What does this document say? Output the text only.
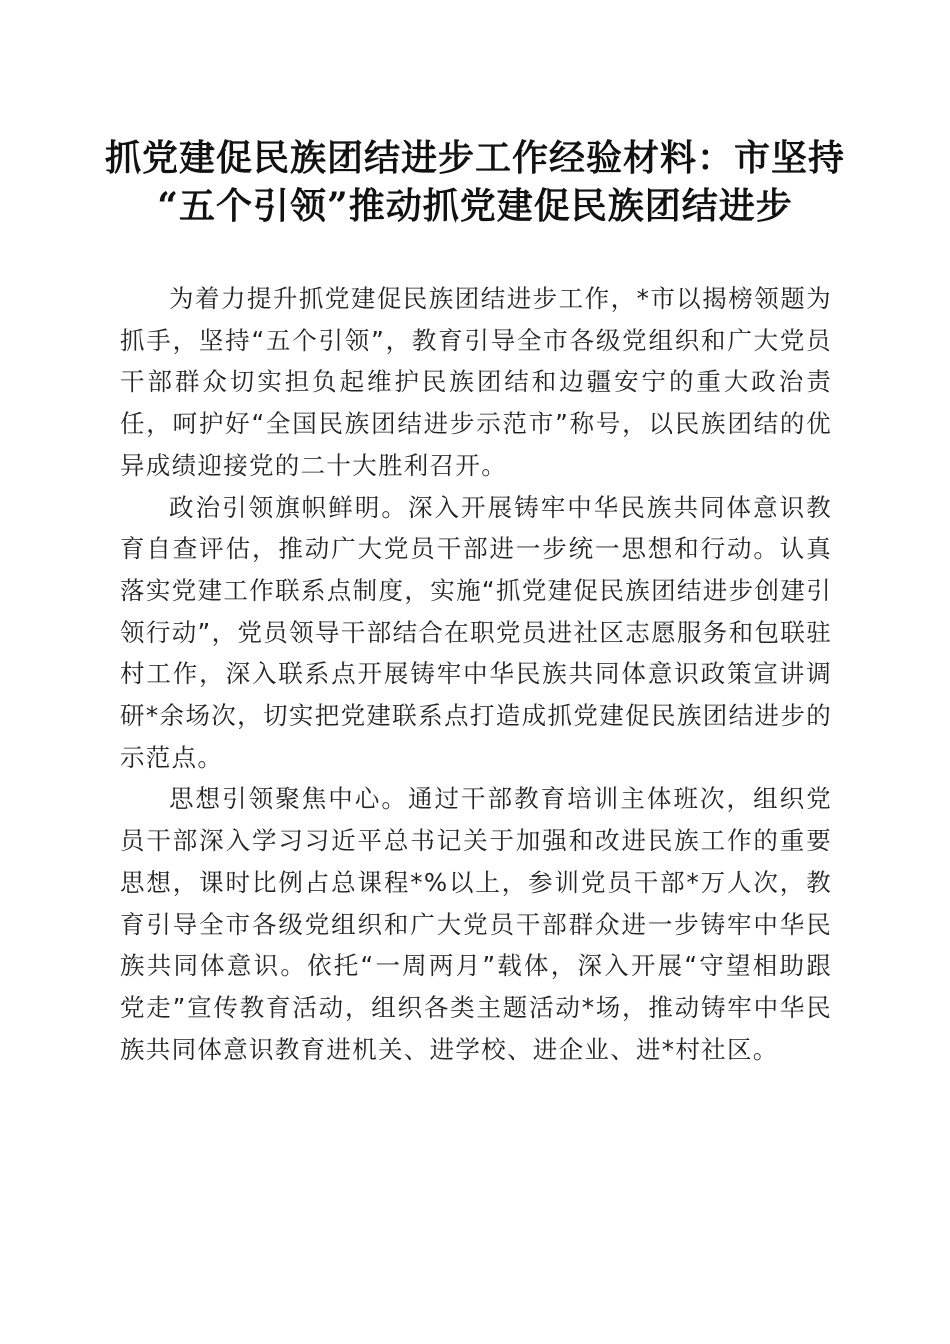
抓党建促民族团结进步工作经验材料：市坚持
“五个引领”推动抓党建促民族团结进步

为着力提升抓党建促民族团结进步工作，*市以揭榜领题为抓手，坚持“五个引领”，教育引导全市各级党组织和广大党员干部群众切实担负起维护民族团结和边疆安宁的重大政治责任，呵护好“全国民族团结进步示范市”称号，以民族团结的优异成绩迎接党的二十大胜利召开。

政治引领旗帜鲜明。深入开展铸牢中华民族共同体意识教育自查评估，推动广大党员干部进一步统一思想和行动。认真落实党建工作联系点制度，实施“抓党建促民族团结进步创建引领行动”，党员领导干部结合在职党员进社区志愿服务和包联驻村工作，深入联系点开展铸牢中华民族共同体意识政策宣讲调研*余场次，切实把党建联系点打造成抓党建促民族团结进步的示范点。

思想引领聚焦中心。通过干部教育培训主体班次，组织党员干部深入学习习近平总书记关于加强和改进民族工作的重要思想，课时比例占总课程*%以上，参训党员干部*万人次，教育引导全市各级党组织和广大党员干部群众进一步铸牢中华民族共同体意识。依托“一周两月”载体，深入开展“守望相助跟党走”宣传教育活动，组织各类主题活动*场，推动铸牢中华民族共同体意识教育进机关、进学校、进企业、进*村社区。
